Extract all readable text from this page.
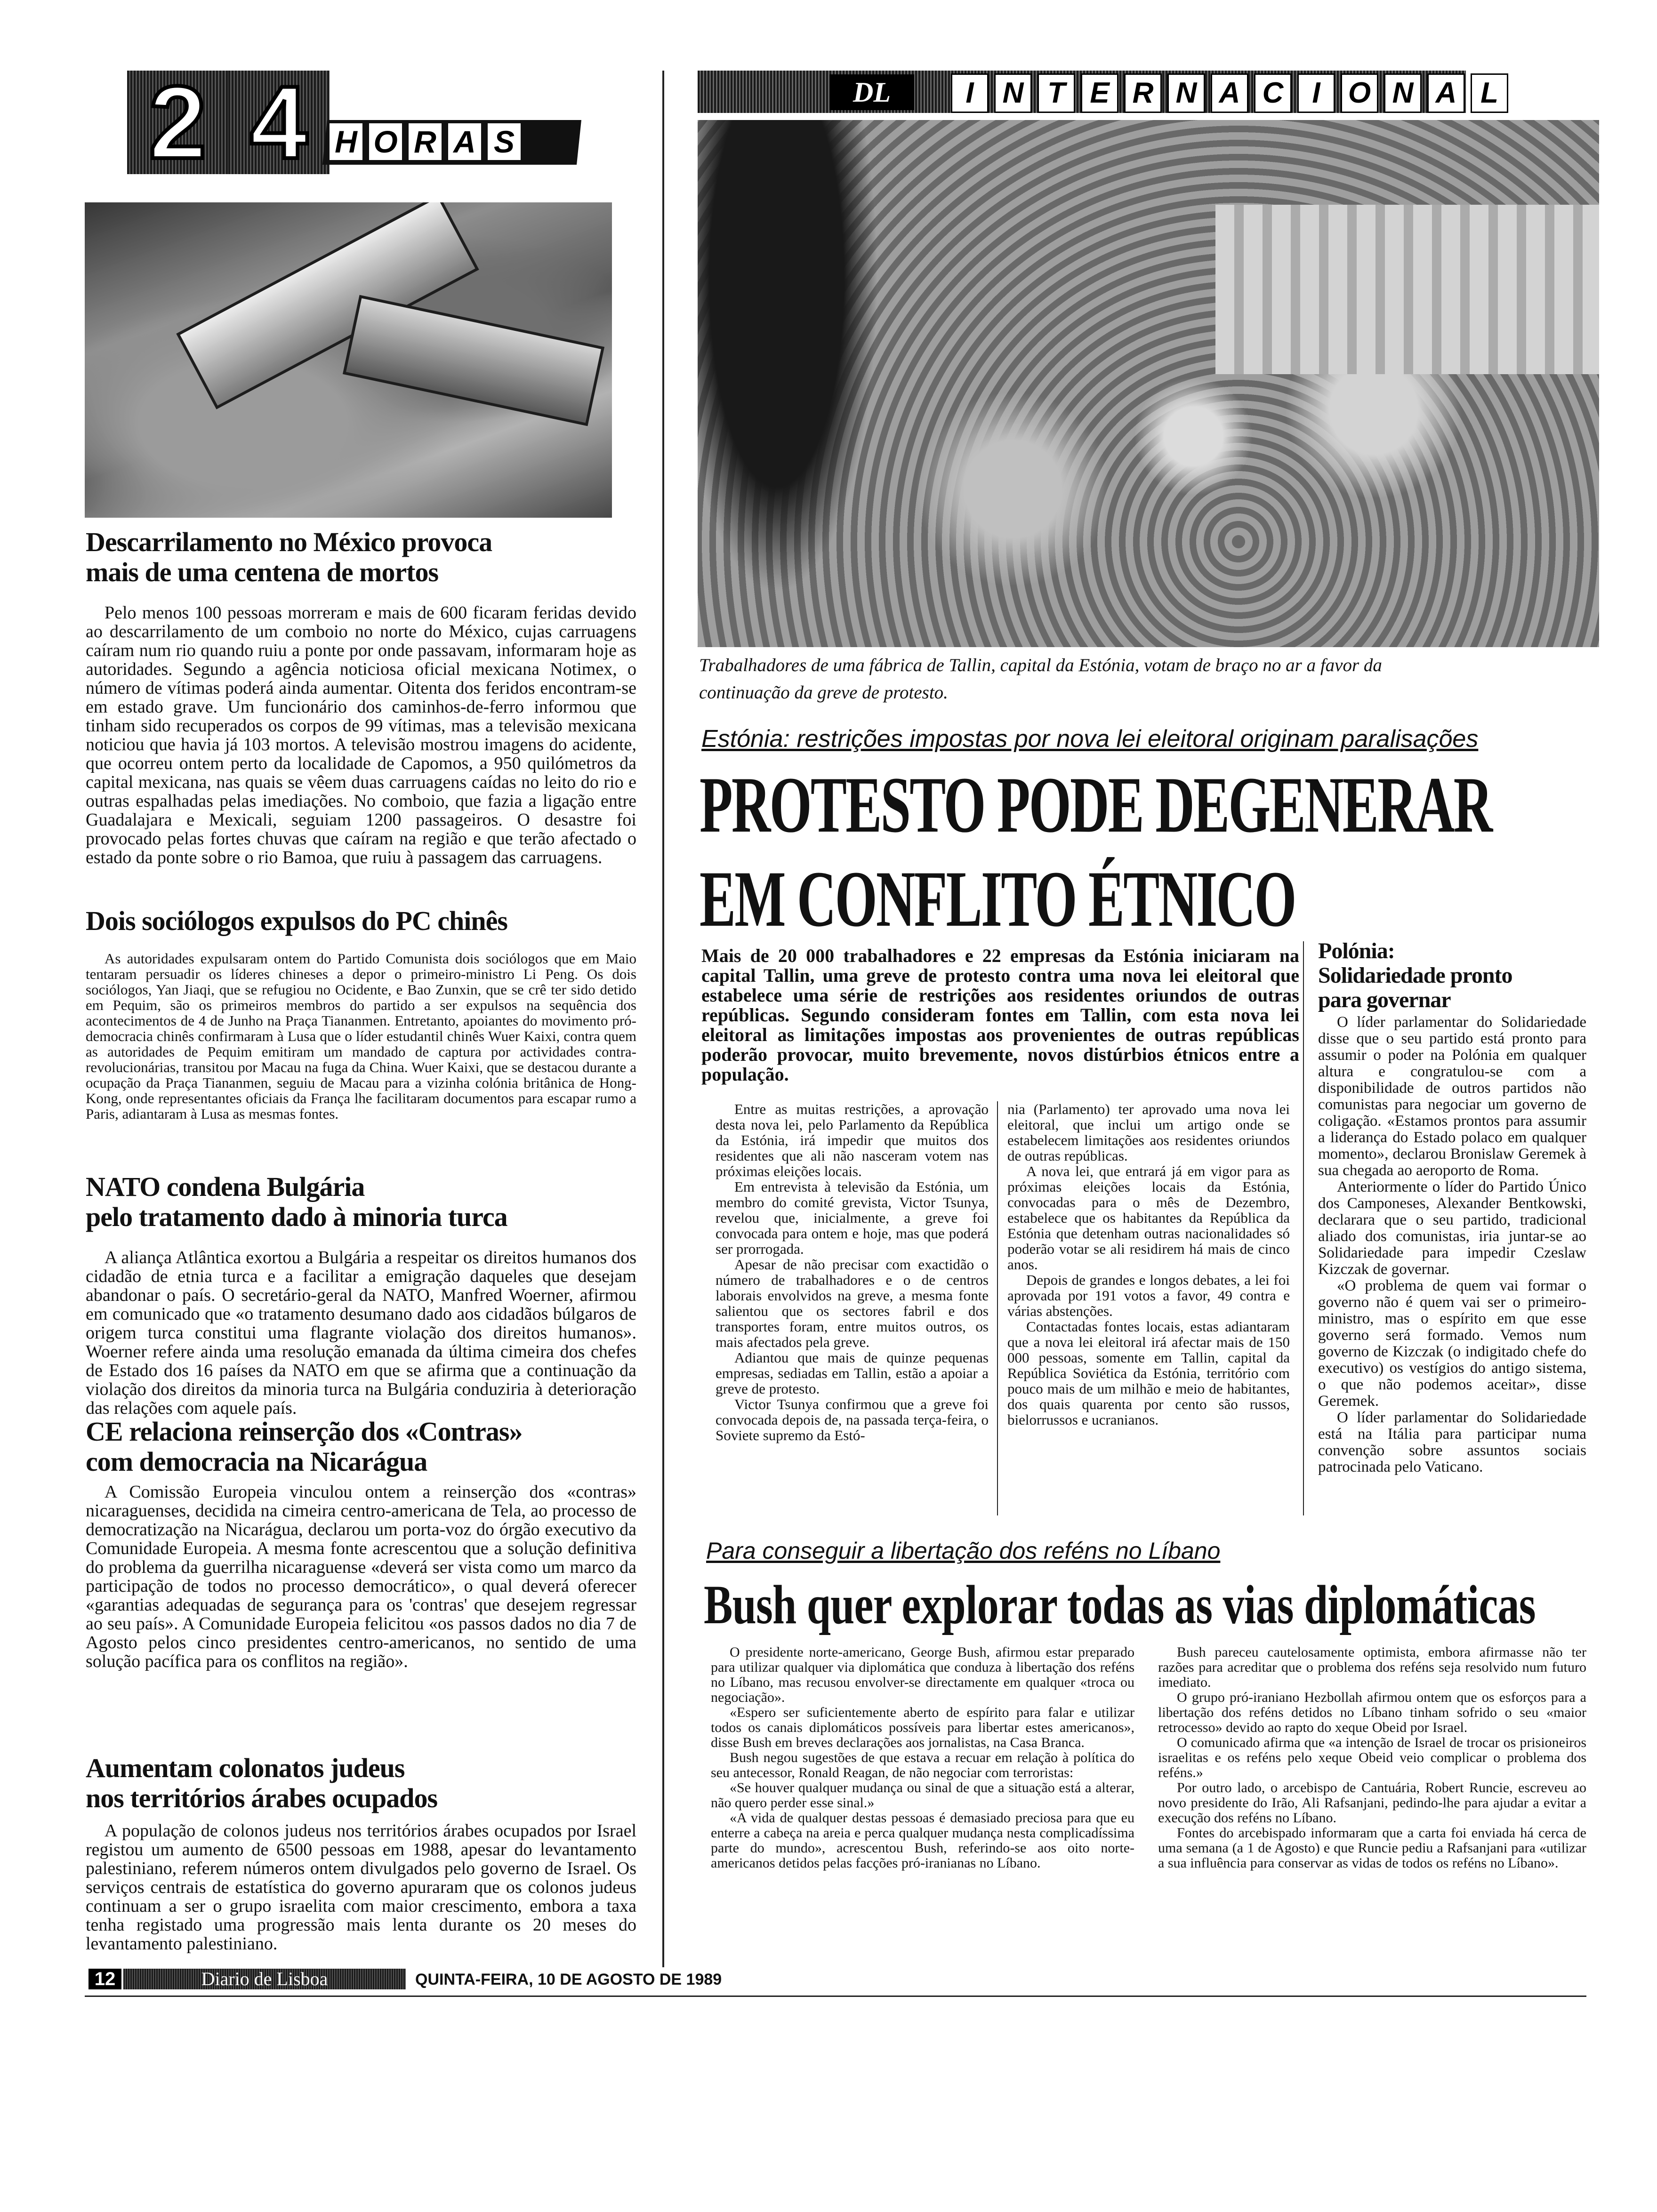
2 4 H O R A S
Descarrilamento no México provoca
mais de uma centena de mortos

Pelo menos 100 pessoas morreram e mais de 600 ficaram feridas devido ao descarrilamento de um comboio no norte do México, cujas carruagens caíram num rio quando ruiu a ponte por onde passavam, informaram hoje as autoridades. Segundo a agência noticiosa oficial mexicana Notimex, o número de vítimas poderá ainda aumentar. Oitenta dos feridos encontram-se em estado grave. Um funcionário dos caminhos-de-ferro informou que tinham sido recuperados os corpos de 99 vítimas, mas a televisão mexicana noticiou que havia já 103 mortos. A televisão mostrou imagens do acidente, que ocorreu ontem perto da localidade de Capomos, a 950 quilómetros da capital mexicana, nas quais se vêem duas carruagens caídas no leito do rio e outras espalhadas pelas imediações. No comboio, que fazia a ligação entre Guadalajara e Mexicali, seguiam 1200 passageiros. O desastre foi provocado pelas fortes chuvas que caíram na região e que terão afectado o estado da ponte sobre o rio Bamoa, que ruiu à passagem das carruagens.

Dois sociólogos expulsos do PC chinês

As autoridades expulsaram ontem do Partido Comunista dois sociólogos que em Maio tentaram persuadir os líderes chineses a depor o primeiro-ministro Li Peng. Os dois sociólogos, Yan Jiaqi, que se refugiou no Ocidente, e Bao Zunxin, que se crê ter sido detido em Pequim, são os primeiros membros do partido a ser expulsos na sequência dos acontecimentos de 4 de Junho na Praça Tiananmen. Entretanto, apoiantes do movimento pró-democracia chinês confirmaram à Lusa que o líder estudantil chinês Wuer Kaixi, contra quem as autoridades de Pequim emitiram um mandado de captura por actividades contra-revolucionárias, transitou por Macau na fuga da China. Wuer Kaixi, que se destacou durante a ocupação da Praça Tiananmen, seguiu de Macau para a vizinha colónia britânica de Hong-Kong, onde representantes oficiais da França lhe facilitaram documentos para escapar rumo a Paris, adiantaram à Lusa as mesmas fontes.

NATO condena Bulgária
pelo tratamento dado à minoria turca

A aliança Atlântica exortou a Bulgária a respeitar os direitos humanos dos cidadão de etnia turca e a facilitar a emigração daqueles que desejam abandonar o país. O secretário-geral da NATO, Manfred Woerner, afirmou em comunicado que «o tratamento desumano dado aos cidadãos búlgaros de origem turca constitui uma flagrante violação dos direitos humanos». Woerner refere ainda uma resolução emanada da última cimeira dos chefes de Estado dos 16 países da NATO em que se afirma que a continuação da violação dos direitos da minoria turca na Bulgária conduziria à deterioração das relações com aquele país.

CE relaciona reinserção dos «Contras»
com democracia na Nicarágua

A Comissão Europeia vinculou ontem a reinserção dos «contras» nicaraguenses, decidida na cimeira centro-americana de Tela, ao processo de democratização na Nicarágua, declarou um porta-voz do órgão executivo da Comunidade Europeia. A mesma fonte acrescentou que a solução definitiva do problema da guerrilha nicaraguense «deverá ser vista como um marco da participação de todos no processo democrático», o qual deverá oferecer «garantias adequadas de segurança para os 'contras' que desejem regressar ao seu país». A Comunidade Europeia felicitou «os passos dados no dia 7 de Agosto pelos cinco presidentes centro-americanos, no sentido de uma solução pacífica para os conflitos na região».

Aumentam colonatos judeus
nos territórios árabes ocupados

A população de colonos judeus nos territórios árabes ocupados por Israel registou um aumento de 6500 pessoas em 1988, apesar do levantamento palestiniano, referem números ontem divulgados pelo governo de Israel. Os serviços centrais de estatística do governo apuraram que os colonos judeus continuam a ser o grupo israelita com maior crescimento, embora a taxa tenha registado uma progressão mais lenta durante os 20 meses do levantamento palestiniano.

DL	I N T E R N A C I O N A L

Trabalhadores de uma fábrica de Tallin, capital da Estónia, votam de braço no ar a favor da
continuação da greve de protesto.

Estónia: restrições impostas por nova lei eleitoral originam paralisações

PROTESTO PODE DEGENERAR
EM CONFLITO ÉTNICO

Mais de 20 000 trabalhadores e 22 empresas da Estónia iniciaram na capital Tallin, uma greve de protesto contra uma nova lei eleitoral que estabelece uma série de restrições aos residentes oriundos de outras repúblicas. Segundo consideram fontes em Tallin, com esta nova lei eleitoral as limitações impostas aos provenientes de outras repúblicas poderão provocar, muito brevemente, novos distúrbios étnicos entre a população.

Entre as muitas restrições, a aprovação desta nova lei, pelo Parlamento da República da Estónia, irá impedir que muitos dos residentes que ali não nasceram votem nas próximas eleições locais.

Em entrevista à televisão da Estónia, um membro do comité grevista, Victor Tsunya, revelou que, inicialmente, a greve foi convocada para ontem e hoje, mas que poderá ser prorrogada.

Apesar de não precisar com exactidão o número de trabalhadores e o de centros laborais envolvidos na greve, a mesma fonte salientou que os sectores fabril e dos transportes foram, entre muitos outros, os mais afectados pela greve.

Adiantou que mais de quinze pequenas empresas, sediadas em Tallin, estão a apoiar a greve de protesto.

Victor Tsunya confirmou que a greve foi convocada depois de, na passada terça-feira, o Soviete supremo da Estó-

nia (Parlamento) ter aprovado uma nova lei eleitoral, que inclui um artigo onde se estabelecem limitações aos residentes oriundos de outras repúblicas.

A nova lei, que entrará já em vigor para as próximas eleições locais da Estónia, convocadas para o mês de Dezembro, estabelece que os habitantes da República da Estónia que detenham outras nacionalidades só poderão votar se ali residirem há mais de cinco anos.

Depois de grandes e longos debates, a lei foi aprovada por 191 votos a favor, 49 contra e várias abstenções.

Contactadas fontes locais, estas adiantaram que a nova lei eleitoral irá afectar mais de 150 000 pessoas, somente em Tallin, capital da República Soviética da Estónia, território com pouco mais de um milhão e meio de habitantes, dos quais quarenta por cento são russos, bielorrussos e ucranianos.

Polónia:
Solidariedade pronto
para governar

O líder parlamentar do Solidariedade disse que o seu partido está pronto para assumir o poder na Polónia em qualquer altura e congratulou-se com a disponibilidade de outros partidos não comunistas para negociar um governo de coligação. «Estamos prontos para assumir a liderança do Estado polaco em qualquer momento», declarou Bronislaw Geremek à sua chegada ao aeroporto de Roma.

Anteriormente o líder do Partido Único dos Camponeses, Alexander Bentkowski, declarara que o seu partido, tradicional aliado dos comunistas, iria juntar-se ao Solidariedade para impedir Czeslaw Kizczak de governar.

«O problema de quem vai formar o governo não é quem vai ser o primeiro-ministro, mas o espírito em que esse governo será formado. Vemos num governo de Kizczak (o indigitado chefe do executivo) os vestígios do antigo sistema, o que não podemos aceitar», disse Geremek.

O líder parlamentar do Solidariedade está na Itália para participar numa convenção sobre assuntos sociais patrocinada pelo Vaticano.

Para conseguir a libertação dos reféns no Líbano

Bush quer explorar todas as vias diplomáticas

O presidente norte-americano, George Bush, afirmou estar preparado para utilizar qualquer via diplomática que conduza à libertação dos reféns no Líbano, mas recusou envolver-se directamente em qualquer «troca ou negociação».

«Espero ser suficientemente aberto de espírito para falar e utilizar todos os canais diplomáticos possíveis para libertar estes americanos», disse Bush em breves declarações aos jornalistas, na Casa Branca.

Bush negou sugestões de que estava a recuar em relação à política do seu antecessor, Ronald Reagan, de não negociar com terroristas:

«Se houver qualquer mudança ou sinal de que a situação está a alterar, não quero perder esse sinal.»

«A vida de qualquer destas pessoas é demasiado preciosa para que eu enterre a cabeça na areia e perca qualquer mudança nesta complicadíssima parte do mundo», acrescentou Bush, referindo-se aos oito norte-americanos detidos pelas facções pró-iranianas no Líbano.

Bush pareceu cautelosamente optimista, embora afirmasse não ter razões para acreditar que o problema dos reféns seja resolvido num futuro imediato.

O grupo pró-iraniano Hezbollah afirmou ontem que os esforços para a libertação dos reféns detidos no Líbano tinham sofrido o seu «maior retrocesso» devido ao rapto do xeque Obeid por Israel.

O comunicado afirma que «a intenção de Israel de trocar os prisioneiros israelitas e os reféns pelo xeque Obeid veio complicar o problema dos reféns.»

Por outro lado, o arcebispo de Cantuária, Robert Runcie, escreveu ao novo presidente do Irão, Ali Rafsanjani, pedindo-lhe para ajudar a evitar a execução dos reféns no Líbano.

Fontes do arcebispado informaram que a carta foi enviada há cerca de uma semana (a 1 de Agosto) e que Runcie pediu a Rafsanjani para «utilizar a sua influência para conservar as vidas de todos os reféns no Líbano».

12	Diario de Lisboa	QUINTA-FEIRA, 10 DE AGOSTO DE 1989
